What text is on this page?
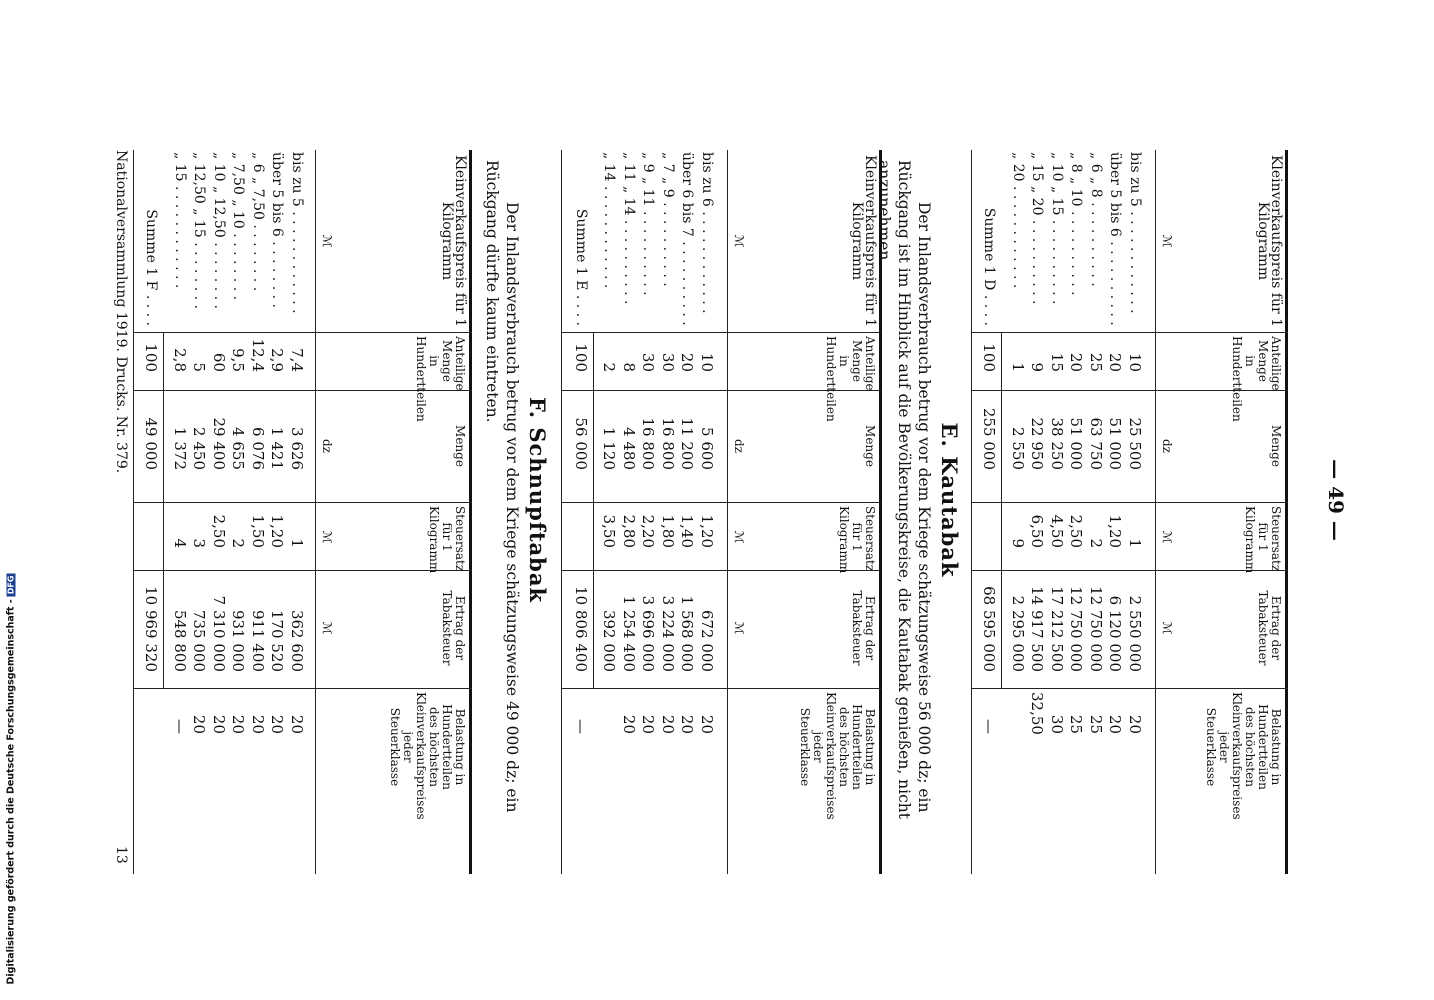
— 49 —
Kleinverkaufspreis für 1 Kilogramm
Anteilige Menge in Hundertteilen
Menge
Steuersatz für 1 Kilogramm
Ertrag der Tabaksteuer
Belastung in Hundertteilen des höchsten Kleinverkaufspreises jeder Steuerklasse
ℳ
dz
ℳ
ℳ
bis zu 5 . . . . . . . . . . . .
10
25 500
1
2 550 000
20
über 5 bis 6 . . . . . . . . . .
20
51 000
1,20
6 120 000
20
„ 6 „ 8 . . . . . . . . . .
25
63 750
2
12 750 000
25
„ 8 „ 10 . . . . . . . . . .
20
51 000
2,50
12 750 000
25
„ 10 „ 15 . . . . . . . . . .
15
38 250
4,50
17 212 500
30
„ 15 „ 20 . . . . . . . . . .
9
22 950
6,50
14 917 500
32,50
„ 20 . . . . . . . . . . . .
1
2 550
9
2 295 000
Summe 1 D . . . .
100
255 000
68 595 000
—
E. Kautabak
Der Inlandsverbrauch betrug vor dem Kriege schätzungsweise 56 000 dz; ein Rückgang ist im Hinblick auf die Bevölkerungskreise, die Kautabak genießen, nicht anzunehmen.
Kleinverkaufspreis für 1 Kilogramm
Anteilige Menge in Hundertteilen
Menge
Steuersatz für 1 Kilogramm
Ertrag der Tabaksteuer
Belastung in Hundertteilen des höchsten Kleinverkaufspreises jeder Steuerklasse
ℳ
dz
ℳ
ℳ
bis zu 6 . . . . . . . . . . . .
10
5 600
1,20
672 000
20
über 6 bis 7 . . . . . . . . . .
20
11 200
1,40
1 568 000
20
„ 7 „ 9 . . . . . . . . . .
30
16 800
1,80
3 224 000
20
„ 9 „ 11 . . . . . . . . . .
30
16 800
2,20
3 696 000
20
„ 11 „ 14 . . . . . . . . . .
8
4 480
2,80
1 254 400
20
„ 14 . . . . . . . . . . . .
2
1 120
3,50
392 000
Summe 1 E . . . .
100
56 000
10 806 400
—
F. Schnupftabak
Der Inlandsverbrauch betrug vor dem Kriege schätzungsweise 49 000 dz; ein Rückgang dürfte kaum eintreten.
Kleinverkaufspreis für 1 Kilogramm
Anteilige Menge in Hundertteilen
Menge
Steuersatz für 1 Kilogramm
Ertrag der Tabaksteuer
Belastung in Hundertteilen des höchsten Kleinverkaufspreises jeder Steuerklasse
ℳ
dz
ℳ
ℳ
bis zu 5 . . . . . . . . . . . .
7,4
3 626
1
362 600
20
über 5 bis 6 . . . . . . . .
2,9
1 421
1,20
170 520
20
„ 6 „ 7,50 . . . . . . . .
12,4
6 076
1,50
911 400
20
„ 7,50 „ 10 . . . . . . . .
9,5
4 655
2
931 000
20
„ 10 „ 12,50 . . . . . . . .
60
29 400
2,50
7 310 000
20
„ 12,50 „ 15 . . . . . . . .
5
2 450
3
735 000
20
„ 15 . . . . . . . . . . . .
2,8
1 372
4
548 800
—
Summe 1 F . . . .
100
49 000
10 969 320
Nationalversammlung 1919. Drucks. Nr. 379.
13
Digitalisierung gefördert durch die Deutsche Forschungsgemeinschaft -DFG
